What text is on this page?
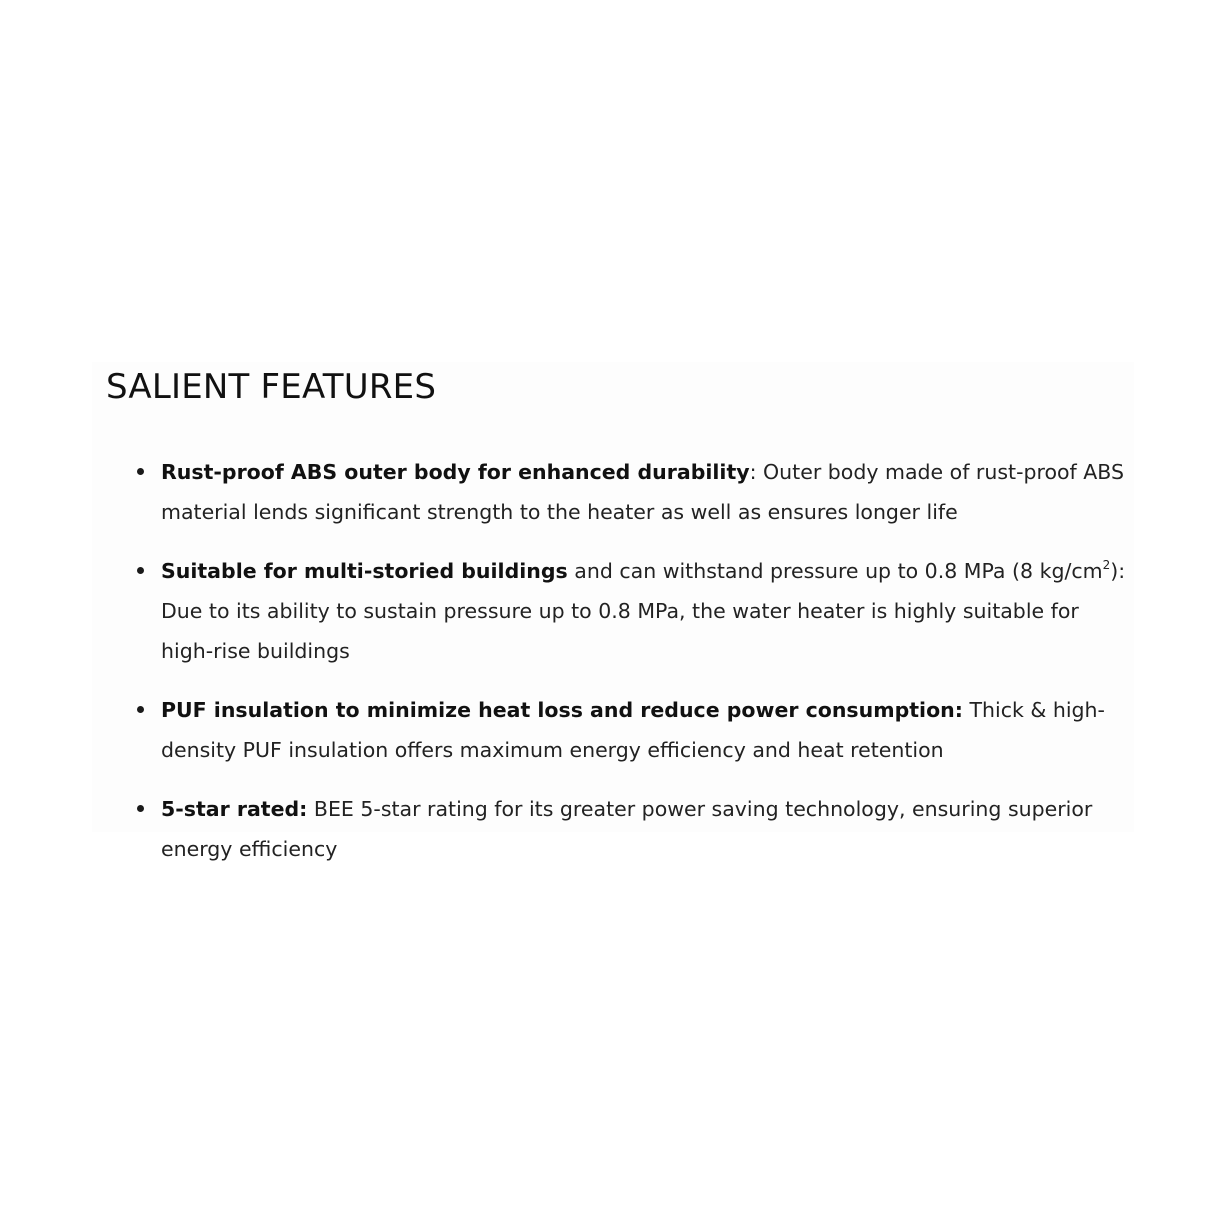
SALIENT FEATURES
Rust-proof ABS outer body for enhanced durability: Outer body made of rust-proof ABS material lends significant strength to the heater as well as ensures longer life
Suitable for multi-storied buildings and can withstand pressure up to 0.8 MPa (8 $kg/cm^2$): Due to its ability to sustain pressure up to 0.8 MPa, the water heater is highly suitable for high-rise buildings
PUF insulation to minimize heat loss and reduce power consumption: Thick & high-density PUF insulation offers maximum energy efficiency and heat retention
5-star rated: BEE 5-star rating for its greater power saving technology, ensuring superior energy efficiency
